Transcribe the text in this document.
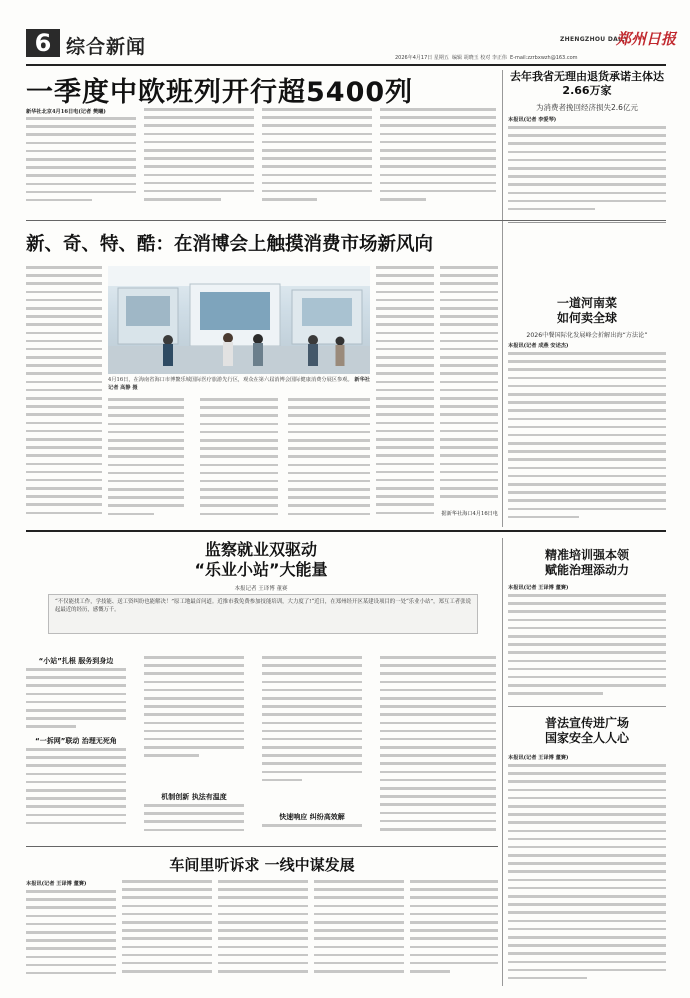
6 综合新闻	2026年4月17日 星期五 编辑 胡晓玉 校对 李正伟 E-mail:zzrbxwzh@163.com
ZHENGZHOU DAILY
郑州日报
一季度中欧班列开行超5400列
新华社北京4月16日电(记者 樊曦)
去年我省无理由退货承诺主体达2.66万家
为消费者挽回经济损失2.6亿元
本报讯(记者 李爱琴)
新、奇、特、酷：在消博会上触摸消费市场新风向
4月16日，在海南省海口市博鳌乐城国际医疗旅游先行区，观众在第六届消博会国际健康消费分展区参观。 新华社记者 高静 摄
据新华社海口4月16日电
一道河南菜
如何卖全球
2026中餐国际化发展峰会折解出海“方法论”
本报讯(记者 成燕 安述杰)
监察就业双驱动
“乐业小站”大能量
本报记者 王译博 董赛
“不仅能找工作，学技能、送工资纠纷也能解决！”原工地最首问道。近推市我免费参加技能培训，大力度了!“近日，在郑州经开区某建设项目的一处“乐业小站”，郑互工者张说起最近的经历，感慨万千。
“小站”扎根 服务到身边
“一拆网”联动 治理无死角
机制创新 执法有温度
快速响应 纠纷高效解
精准培训强本领
赋能治理添动力
本报讯(记者 王译博 董赛)
普法宣传进广场
国家安全人人心
本报讯(记者 王译博 董赛)
车间里听诉求 一线中谋发展
本报讯(记者 王译博 董赛)
